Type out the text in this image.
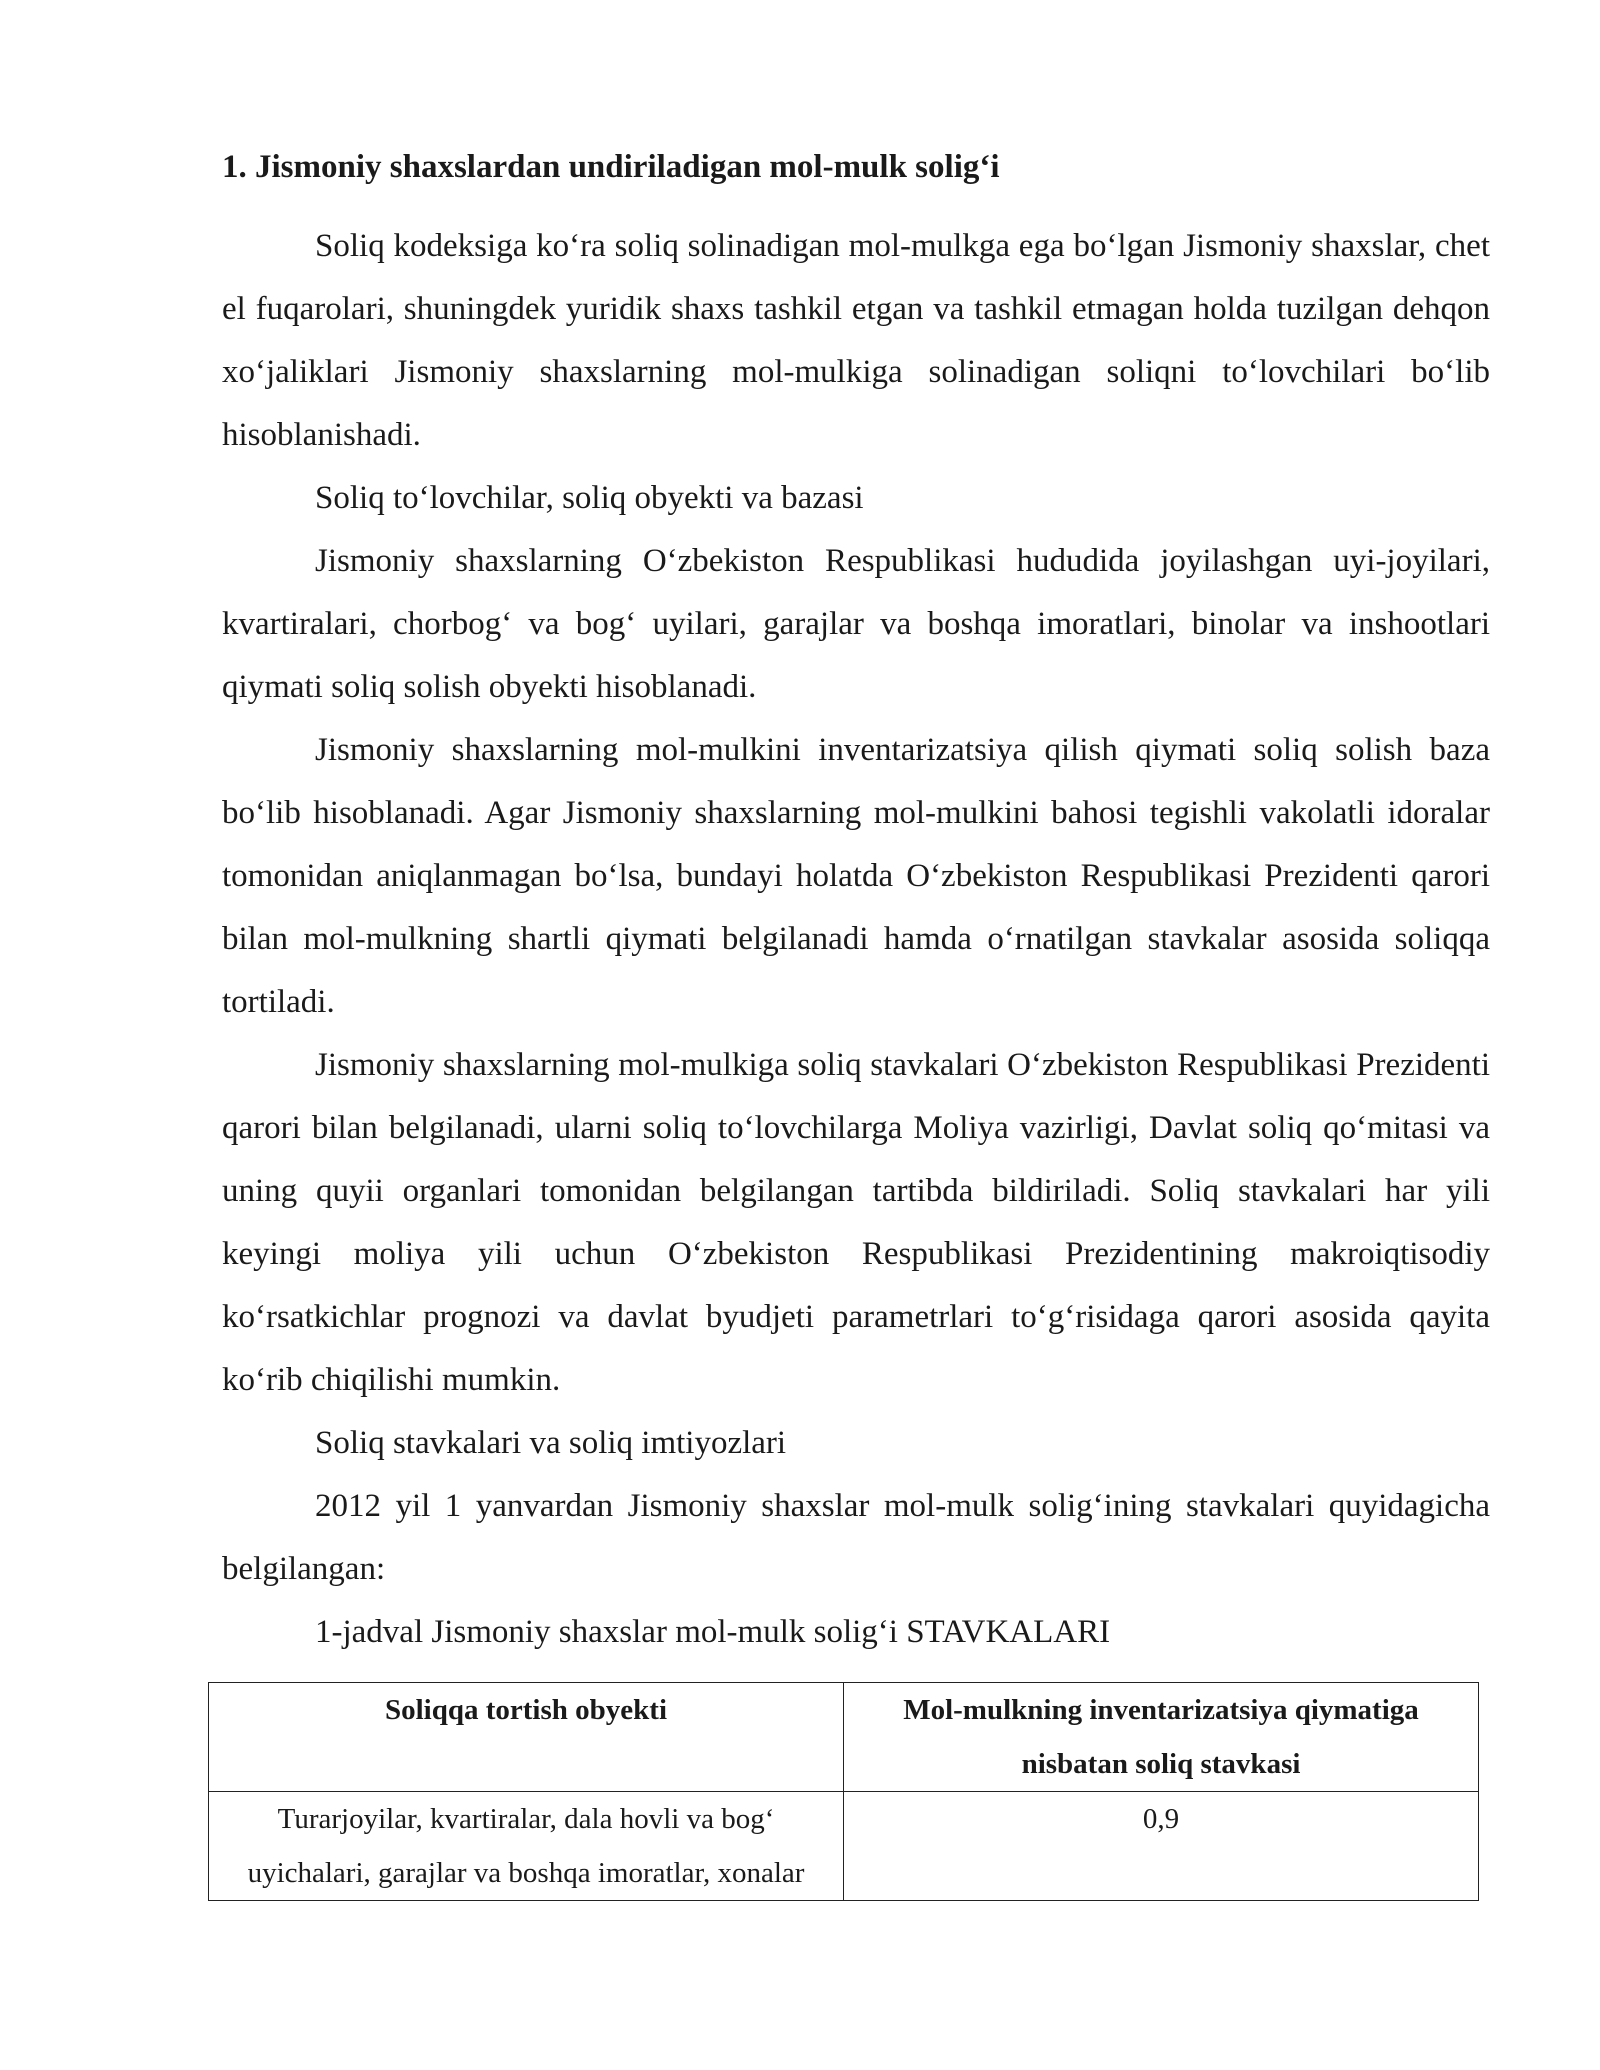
1. Jismoniy shaxslardan undiriladigan mol-mulk solig‘i

Soliq kodeksiga ko‘ra soliq solinadigan mol-mulkga ega bo‘lgan Jismoniy shaxslar, chet el fuqarolari, shuningdek yuridik shaxs tashkil etgan va tashkil etmagan holda tuzilgan dehqon xo‘jaliklari Jismoniy shaxslarning mol-mulkiga solinadigan soliqni to‘lovchilari bo‘lib hisoblanishadi.

Soliq to‘lovchilar, soliq obyekti va bazasi

Jismoniy shaxslarning O‘zbekiston Respublikasi hududida joyilashgan uyi-joyilari, kvartiralari, chorbog‘ va bog‘ uyilari, garajlar va boshqa imoratlari, binolar va inshootlari qiymati soliq solish obyekti hisoblanadi.

Jismoniy shaxslarning mol-mulkini inventarizatsiya qilish qiymati soliq solish baza bo‘lib hisoblanadi. Agar Jismoniy shaxslarning mol-mulkini bahosi tegishli vakolatli idoralar tomonidan aniqlanmagan bo‘lsa, bundayi holatda O‘zbekiston Respublikasi Prezidenti qarori bilan mol-mulkning shartli qiymati belgilanadi hamda o‘rnatilgan stavkalar asosida soliqqa tortiladi.

Jismoniy shaxslarning mol-mulkiga soliq stavkalari O‘zbekiston Respublikasi Prezidenti qarori bilan belgilanadi, ularni soliq to‘lovchilarga Moliya vazirligi, Davlat soliq qo‘mitasi va uning quyii organlari tomonidan belgilangan tartibda bildiriladi. Soliq stavkalari har yili keyingi moliya yili uchun O‘zbekiston Respublikasi Prezidentining makroiqtisodiy ko‘rsatkichlar prognozi va davlat byudjeti parametrlari to‘g‘risidaga qarori asosida qayita ko‘rib chiqilishi mumkin.

Soliq stavkalari va soliq imtiyozlari

2012 yil 1 yanvardan Jismoniy shaxslar mol-mulk solig‘ining stavkalari quyidagicha belgilangan:

1-jadval Jismoniy shaxslar mol-mulk solig‘i STAVKALARI

Soliqqa tortish obyekti	Mol-mulkning inventarizatsiya qiymatiga nisbatan soliq stavkasi
Turarjoyilar, kvartiralar, dala hovli va bog‘ uyichalari, garajlar va boshqa imoratlar, xonalar	0,9
